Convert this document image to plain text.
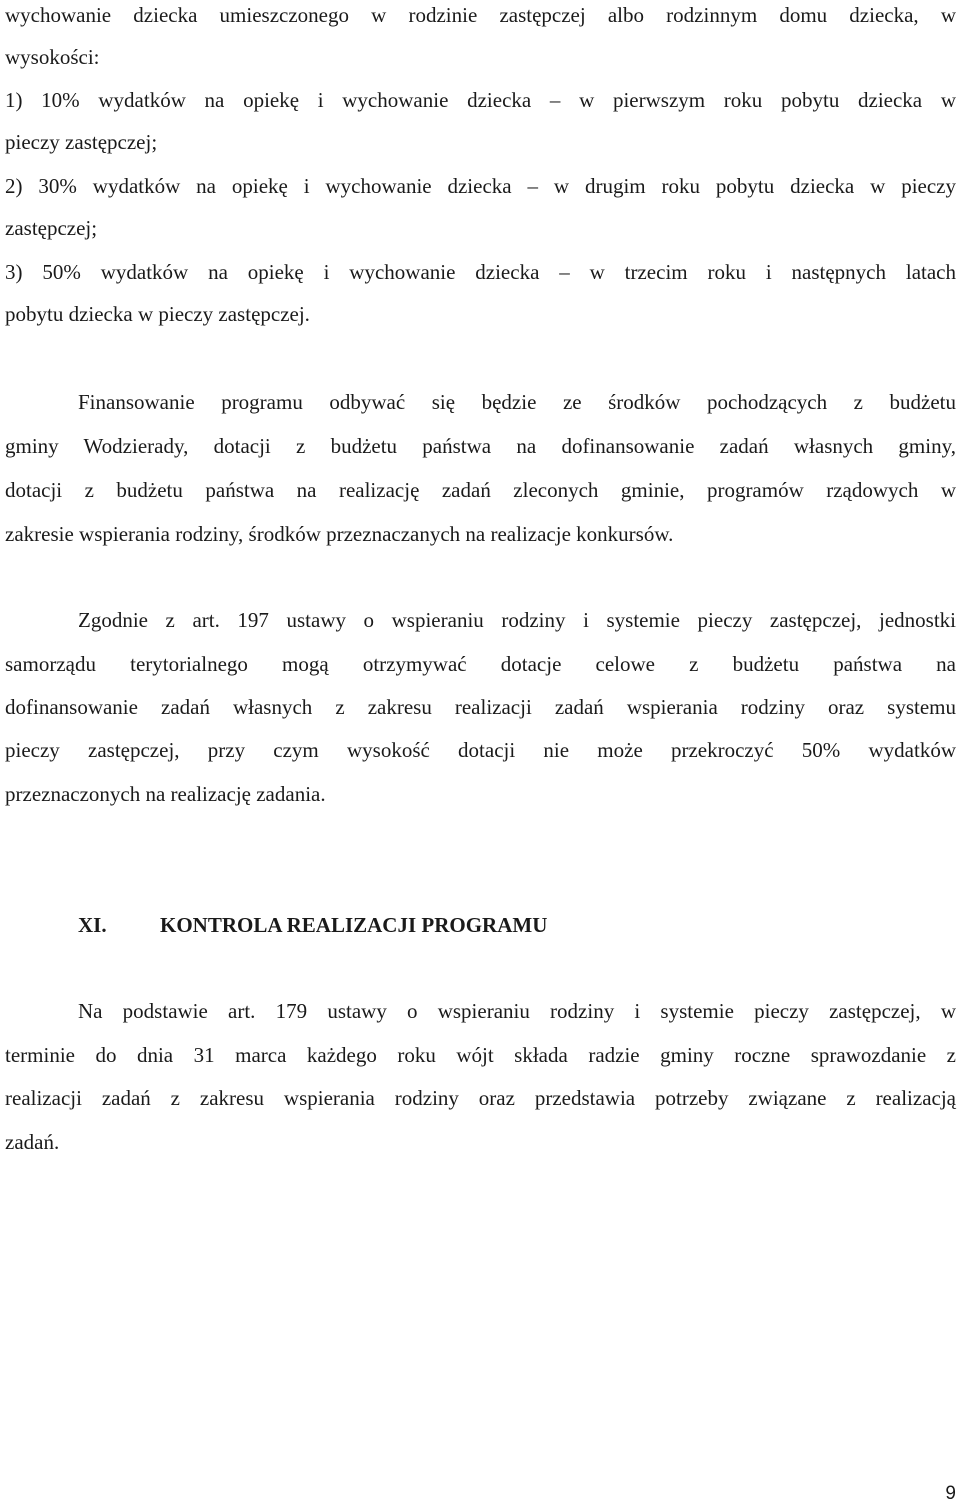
wychowanie dziecka umieszczonego w rodzinie zastępczej albo rodzinnym domu dziecka, w
wysokości:
1) 10% wydatków na opiekę i wychowanie dziecka – w pierwszym roku pobytu dziecka w
pieczy zastępczej;
2) 30% wydatków na opiekę i wychowanie dziecka – w drugim roku pobytu dziecka w pieczy
zastępczej;
3) 50% wydatków na opiekę i wychowanie dziecka – w trzecim roku i następnych latach
pobytu dziecka w pieczy zastępczej.
Finansowanie programu odbywać się będzie ze środków pochodzących z budżetu
gminy Wodzierady, dotacji z budżetu państwa na dofinansowanie zadań własnych gminy,
dotacji z budżetu państwa na realizację zadań zleconych gminie, programów rządowych w
zakresie wspierania rodziny, środków przeznaczanych na realizacje konkursów.
Zgodnie z art. 197 ustawy o wspieraniu rodziny i systemie pieczy zastępczej, jednostki
samorządu terytorialnego mogą otrzymywać dotacje celowe z budżetu państwa na
dofinansowanie zadań własnych z zakresu realizacji zadań wspierania rodziny oraz systemu
pieczy zastępczej, przy czym wysokość dotacji nie może przekroczyć 50% wydatków
przeznaczonych na realizację zadania.
XI.	KONTROLA REALIZACJI PROGRAMU
Na podstawie art. 179 ustawy o wspieraniu rodziny i systemie pieczy zastępczej, w
terminie do dnia 31 marca każdego roku wójt składa radzie gminy roczne sprawozdanie z
realizacji zadań z zakresu wspierania rodziny oraz przedstawia potrzeby związane z realizacją
zadań.
9
